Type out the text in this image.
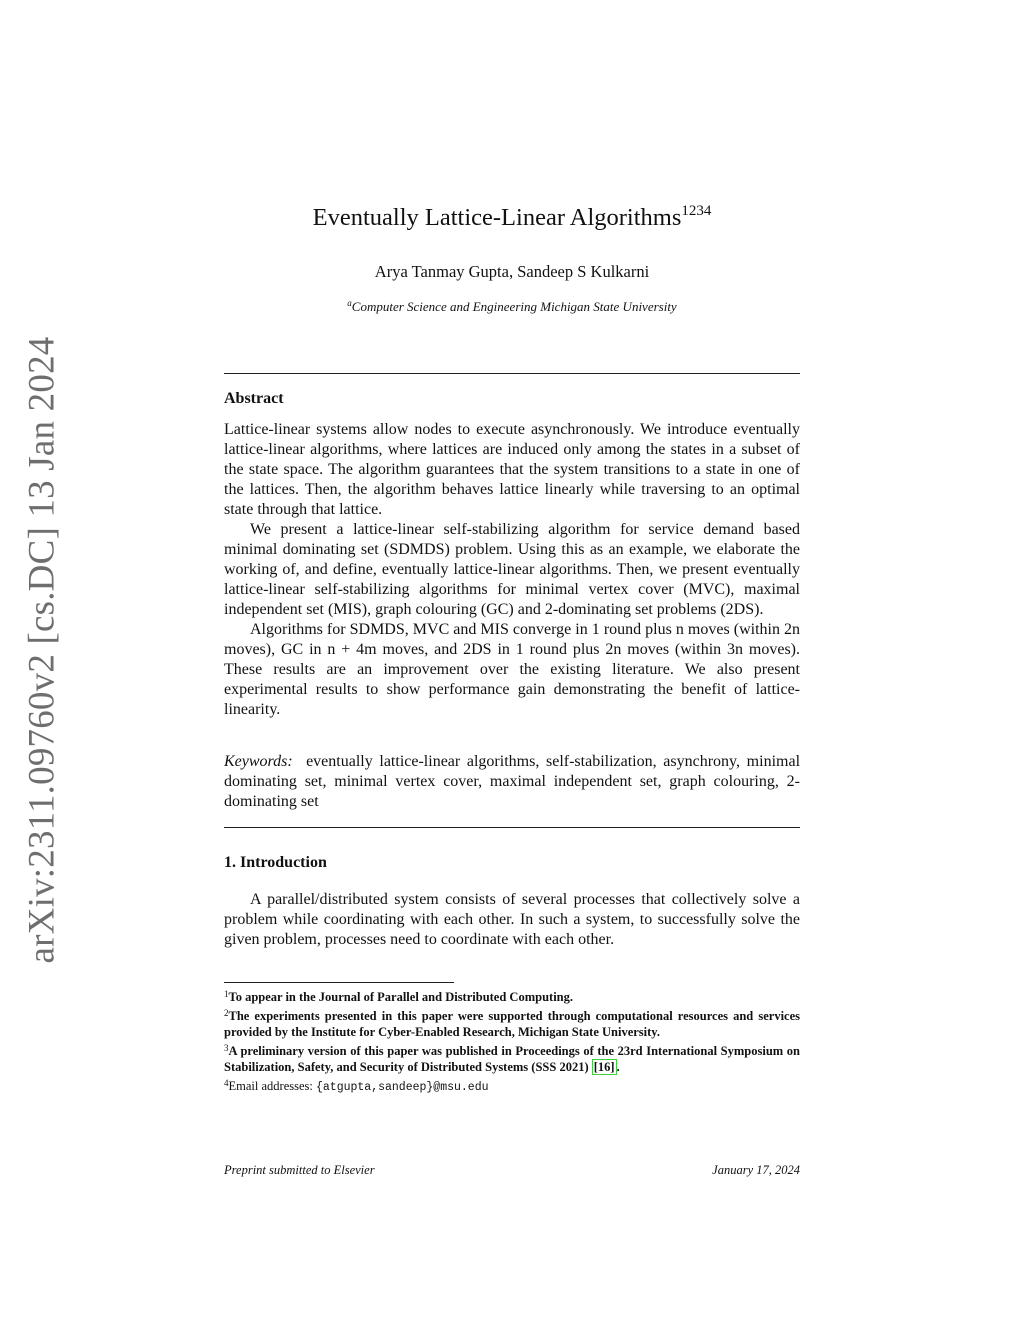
arXiv:2311.09760v2 [cs.DC] 13 Jan 2024
Eventually Lattice-Linear Algorithms$^{1234}$
Arya Tanmay Gupta, Sandeep S Kulkarni
$^a$Computer Science and Engineering Michigan State University
Abstract

Lattice-linear systems allow nodes to execute asynchronously. We introduce eventually lattice-linear algorithms, where lattices are induced only among the states in a subset of the state space. The algorithm guarantees that the system transitions to a state in one of the lattices. Then, the algorithm behaves lattice linearly while traversing to an optimal state through that lattice.

We present a lattice-linear self-stabilizing algorithm for service demand based minimal dominating set (SDMDS) problem. Using this as an example, we elaborate the working of, and define, eventually lattice-linear algorithms. Then, we present eventually lattice-linear self-stabilizing algorithms for minimal vertex cover (MVC), maximal independent set (MIS), graph colouring (GC) and 2-dominating set problems (2DS).

Algorithms for SDMDS, MVC and MIS converge in 1 round plus n moves (within 2n moves), GC in n + 4m moves, and 2DS in 1 round plus 2n moves (within 3n moves). These results are an improvement over the existing literature. We also present experimental results to show performance gain demonstrating the benefit of lattice-linearity.

Keywords: eventually lattice-linear algorithms, self-stabilization, asynchrony, minimal dominating set, minimal vertex cover, maximal independent set, graph colouring, 2-dominating set

1. Introduction

A parallel/distributed system consists of several processes that collectively solve a problem while coordinating with each other. In such a system, to successfully solve the given problem, processes need to coordinate with each other.

$^1$To appear in the Journal of Parallel and Distributed Computing.

$^2$The experiments presented in this paper were supported through computational resources and services provided by the Institute for Cyber-Enabled Research, Michigan State University.

$^3$A preliminary version of this paper was published in Proceedings of the 23rd International Symposium on Stabilization, Safety, and Security of Distributed Systems (SSS 2021) [16] .

$^4$Email addresses: {atgupta,sandeep}@msu.edu

Preprint submitted to Elsevier	January 17, 2024
